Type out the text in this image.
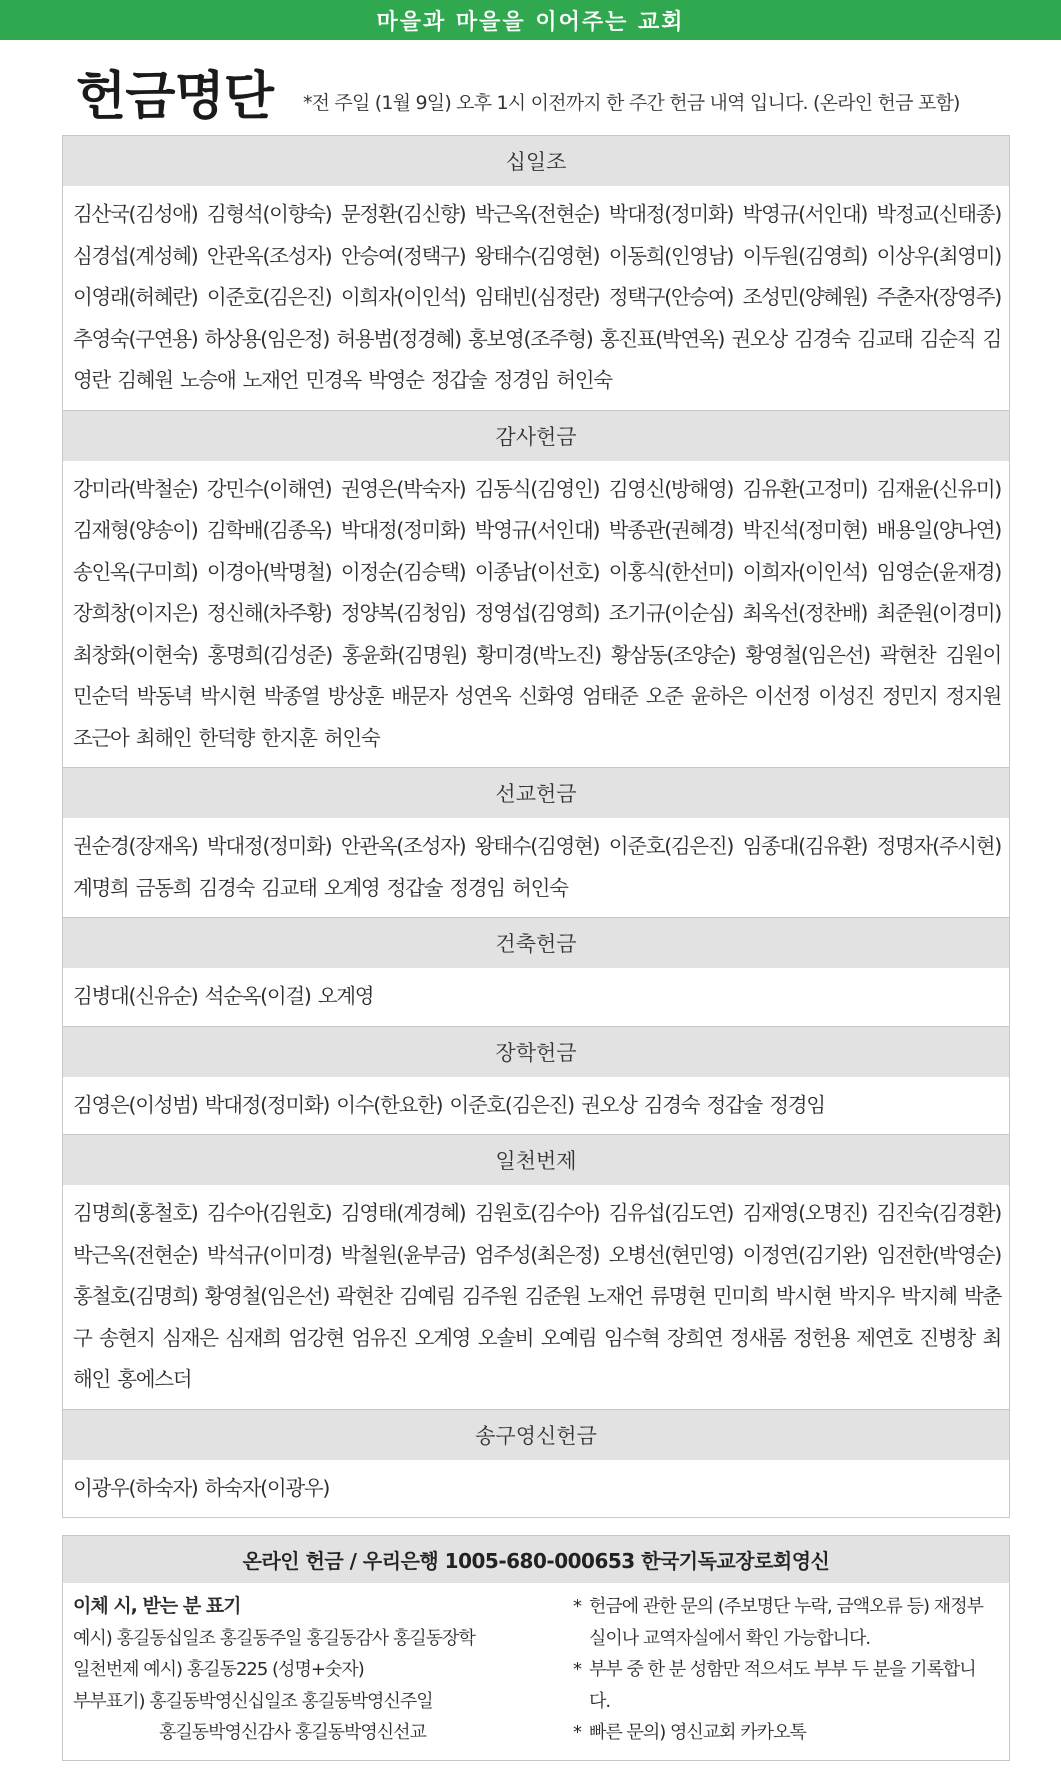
마을과 마을을 이어주는 교회
헌금명단 *전 주일 (1월 9일) 오후 1시 이전까지 한 주간 헌금 내역 입니다. (온라인 헌금 포함)
십일조
김산국(김성애) 김형석(이향숙) 문정환(김신향) 박근옥(전현순) 박대정(정미화) 박영규(서인대) 박정교(신태종) 심경섭(계성혜) 안관옥(조성자) 안승여(정택구) 왕태수(김영현) 이동희(인영남) 이두원(김영희) 이상우(최영미) 이영래(허혜란) 이준호(김은진) 이희자(이인석) 임태빈(심정란) 정택구(안승여) 조성민(양혜원) 주춘자(장영주) 추영숙(구연용) 하상용(임은정) 허용범(정경혜) 홍보영(조주형) 홍진표(박연옥) 권오상 김경숙 김교태 김순직 김영란 김혜원 노승애 노재언 민경옥 박영순 정갑술 정경임 허인숙
감사헌금
강미라(박철순) 강민수(이해연) 권영은(박숙자) 김동식(김영인) 김영신(방해영) 김유환(고정미) 김재윤(신유미) 김재형(양송이) 김학배(김종옥) 박대정(정미화) 박영규(서인대) 박종관(권혜경) 박진석(정미현) 배용일(양나연) 송인옥(구미희) 이경아(박명철) 이정순(김승택) 이종남(이선호) 이홍식(한선미) 이희자(이인석) 임영순(윤재경) 장희창(이지은) 정신해(차주황) 정양복(김청임) 정영섭(김영희) 조기규(이순심) 최옥선(정찬배) 최준원(이경미) 최창화(이현숙) 홍명희(김성준) 홍윤화(김명원) 황미경(박노진) 황삼동(조양순) 황영철(임은선) 곽현찬 김원이 민순덕 박동녁 박시현 박종열 방상훈 배문자 성연옥 신화영 엄태준 오준 윤하은 이선정 이성진 정민지 정지원 조근아 최해인 한덕향 한지훈 허인숙
선교헌금
권순경(장재옥) 박대정(정미화) 안관옥(조성자) 왕태수(김영현) 이준호(김은진) 임종대(김유환) 정명자(주시현) 계명희 금동희 김경숙 김교태 오계영 정갑술 정경임 허인숙
건축헌금
김병대(신유순) 석순옥(이걸) 오계영
장학헌금
김영은(이성범) 박대정(정미화) 이수(한요한) 이준호(김은진) 권오상 김경숙 정갑술 정경임
일천번제
김명희(홍철호) 김수아(김원호) 김영태(계경혜) 김원호(김수아) 김유섭(김도연) 김재영(오명진) 김진숙(김경환) 박근옥(전현순) 박석규(이미경) 박철원(윤부금) 엄주성(최은정) 오병선(현민영) 이정연(김기완) 임전한(박영순) 홍철호(김명희) 황영철(임은선) 곽현찬 김예림 김주원 김준원 노재언 류명현 민미희 박시현 박지우 박지혜 박춘구 송현지 심재은 심재희 엄강현 엄유진 오계영 오솔비 오예림 임수혁 장희연 정새롬 정헌용 제연호 진병창 최해인 홍에스더
송구영신헌금
이광우(하숙자) 하숙자(이광우)
온라인 헌금 / 우리은행 1005-680-000653 한국기독교장로회영신
이체 시, 받는 분 표기
예시) 홍길동십일조 홍길동주일 홍길동감사 홍길동장학
일천번제 예시) 홍길동225 (성명+숫자)
부부표기) 홍길동박영신십일조 홍길동박영신주일
홍길동박영신감사 홍길동박영신선교
* 헌금에 관한 문의 (주보명단 누락, 금액오류 등) 재정부실이나 교역자실에서 확인 가능합니다.
* 부부 중 한 분 성함만 적으셔도 부부 두 분을 기록합니다.
* 빠른 문의) 영신교회 카카오톡
